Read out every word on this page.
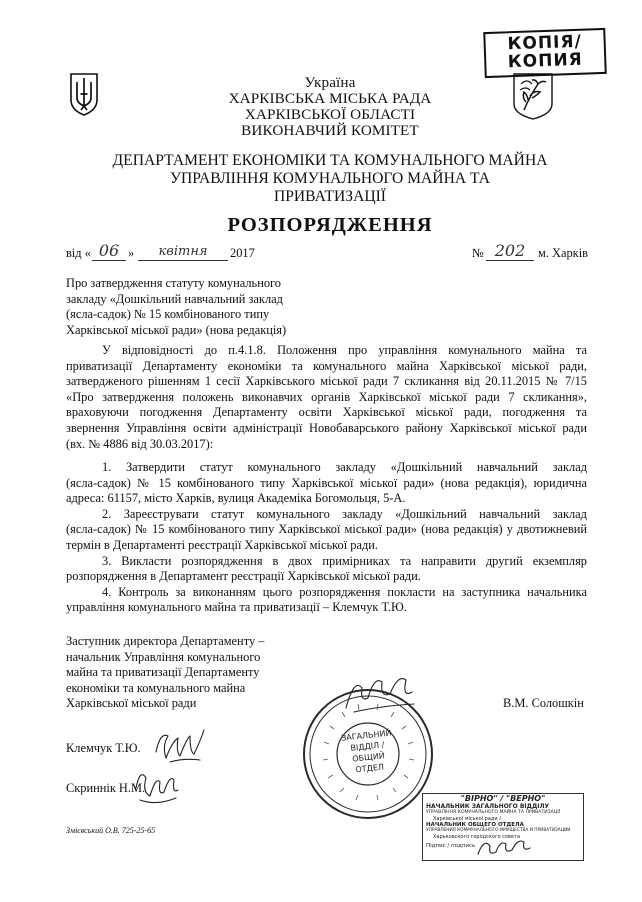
КОПІЯ/
КОПИЯ
Україна
ХАРКІВСЬКА МІСЬКА РАДА
ХАРКІВСЬКОЇ ОБЛАСТІ
ВИКОНАВЧИЙ КОМІТЕТ
ДЕПАРТАМЕНТ ЕКОНОМІКИ ТА КОМУНАЛЬНОГО МАЙНА
УПРАВЛІННЯ КОМУНАЛЬНОГО МАЙНА ТА
ПРИВАТИЗАЦІЇ
РОЗПОРЯДЖЕННЯ
від « 06 »	квітня	2017	№ 202	м. Харків
Про затвердження статуту комунального
закладу «Дошкільний навчальний заклад
(ясла-садок) № 15 комбінованого типу
Харківської міської ради» (нова редакція)
У відповідності до п.4.1.8. Положення про управління комунального майна та
приватизації Департаменту економіки та комунального майна Харківської міської ради,
затвердженого рішенням 1 сесії Харківського міської ради 7 скликання від 20.11.2015 № 7/15
«Про затвердження положень виконавчих органів Харківської міської ради 7 скликання»,
враховуючи погодження Департаменту освіти Харківської міської ради, погодження та
звернення Управління освіти адміністрації Новобаварського району Харківської міської ради
(вх. № 4886 від 30.03.2017):
1. Затвердити статут комунального закладу «Дошкільний навчальний заклад
(ясла-садок) № 15 комбінованого типу Харківської міської ради» (нова редакція), юридична
адреса: 61157, місто Харків, вулиця Академіка Богомольця, 5-А.
2. Зареєструвати статут комунального закладу «Дошкільний навчальний заклад
(ясла-садок) № 15 комбінованого типу Харківської міської ради» (нова редакція) у двотижневий
термін в Департаменті реєстрації Харківської міської ради.
3. Викласти розпорядження в двох примірниках та направити другий екземпляр
розпорядження в Департамент реєстрації Харківської міської ради.
4. Контроль за виконанням цього розпорядження покласти на заступника начальника
управління комунального майна та приватизації – Клемчук Т.Ю.
Заступник директора Департаменту –
начальник Управління комунального
майна та приватизації Департаменту
економіки та комунального майна
Харківської міської ради	В.М. Солошкін
Клемчук Т.Ю.
Скриннік Н.М.
Змієвський О.В. 725-25-65
ЗАГАЛЬНИЙ
ВІДДІЛ /
ОБЩИЙ ОТДЕЛ
"ВІРНО" / "ВЕРНО"
НАЧАЛЬНИК ЗАГАЛЬНОГО ВІДДІЛУ
УПРАВЛІННЯ КОМУНАЛЬНОГО МАЙНА ТА ПРИВАТИЗАЦІЇ
Харківської міської ради /
НАЧАЛЬНИК ОБЩЕГО ОТДЕЛА
УПРАВЛЕНИЯ КОММУНАЛЬНОГО ИМУЩЕСТВА И ПРИВАТИЗАЦИИ
Харьковского городского совета
Підпис / подпись
